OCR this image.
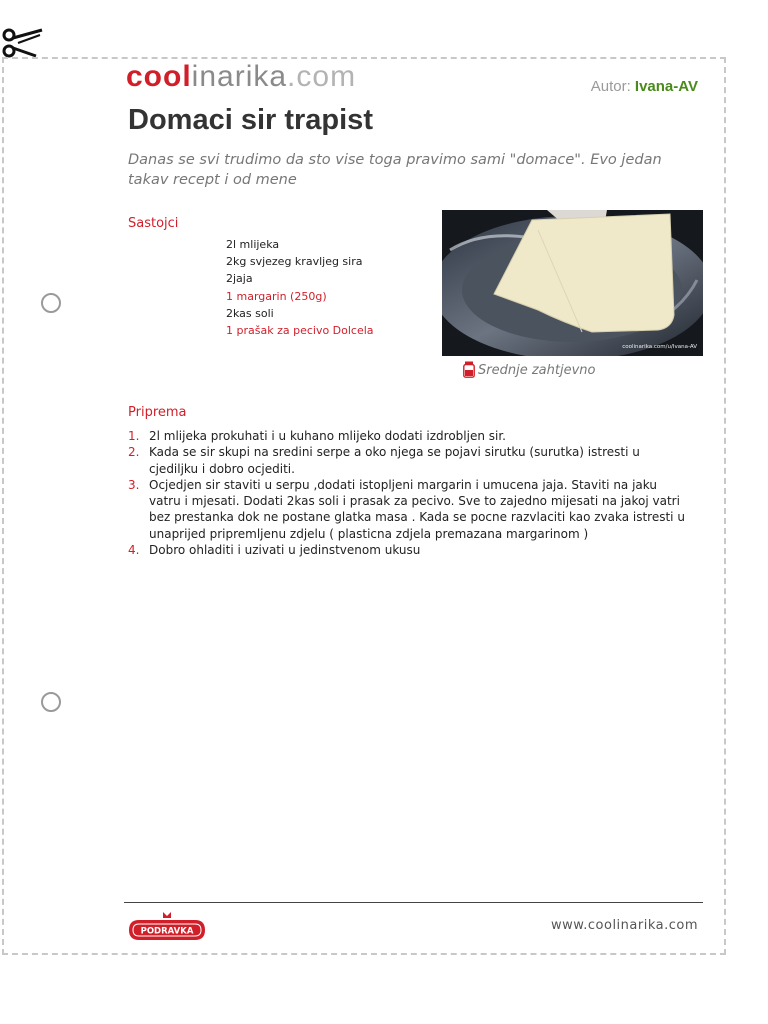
coolinarika.com	Autor: Ivana-AV
Domaci sir trapist
Danas se svi trudimo da sto vise toga pravimo sami "domace". Evo jedan takav recept i od mene
Sastojci
2l mlijeka
2kg svjezeg kravljeg sira
2jaja
1 margarin (250g)
2kas soli
1 prašak za pecivo Dolcela
coolinarika.com/u/Ivana-AV
Srednje zahtjevno
Priprema
1. 2l mlijeka prokuhati i u kuhano mlijeko dodati izdrobljen sir.
2. Kada se sir skupi na sredini serpe a oko njega se pojavi sirutku (surutka) istresti u cjedilјku i dobro ocjediti.
3. Ocjedjen sir staviti u serpu ,dodati istopljeni margarin i umucena jaja. Staviti na jaku vatru i mjesati. Dodati 2kas soli i prasak za pecivo. Sve to zajedno mijesati na jakoj vatri bez prestanka dok ne postane glatka masa . Kada se pocne razvlaciti kao zvaka istresti u unaprijed pripremljenu zdjelu ( plasticna zdjela premazana margarinom )
4. Dobro ohladiti i uzivati u jedinstvenom ukusu
PODRAVKA	www.coolinarika.com
